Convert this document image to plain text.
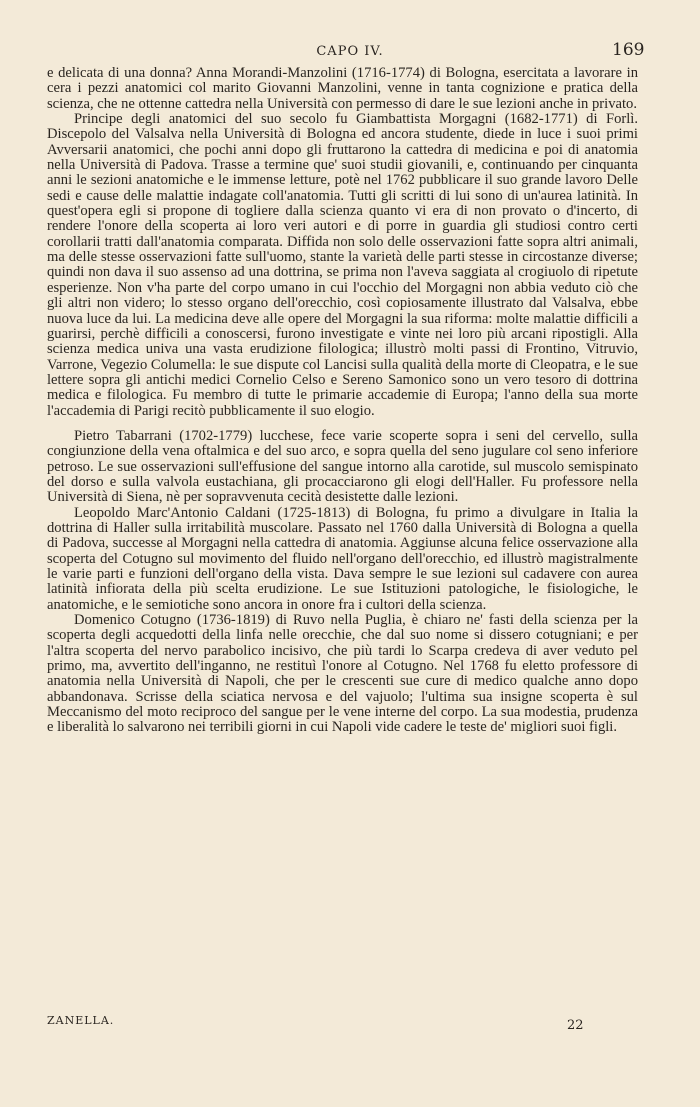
CAPO IV.	169

e delicata di una donna? Anna Morandi-Manzolini (1716-1774) di Bologna, esercitata a lavorare in cera i pezzi anatomici col marito Giovanni Manzolini, venne in tanta cognizione e pratica della scienza, che ne ottenne cattedra nella Università con permesso di dare le sue lezioni anche in privato.

Principe degli anatomici del suo secolo fu Giambattista Morgagni (1682-1771) di Forlì. Discepolo del Valsalva nella Università di Bologna ed ancora studente, diede in luce i suoi primi Avversarii anatomici, che pochi anni dopo gli fruttarono la cattedra di medicina e poi di anatomia nella Università di Padova. Trasse a termine que' suoi studii giovanili, e, continuando per cinquanta anni le sezioni anatomiche e le immense letture, potè nel 1762 pubblicare il suo grande lavoro Delle sedi e cause delle malattie indagate coll'anatomia. Tutti gli scritti di lui sono di un'aurea latinità. In quest'opera egli si propone di togliere dalla scienza quanto vi era di non provato o d'incerto, di rendere l'onore della scoperta ai loro veri autori e di porre in guardia gli studiosi contro certi corollarii tratti dall'anatomia comparata. Diffida non solo delle osservazioni fatte sopra altri animali, ma delle stesse osservazioni fatte sull'uomo, stante la varietà delle parti stesse in circostanze diverse; quindi non dava il suo assenso ad una dottrina, se prima non l'aveva saggiata al crogiuolo di ripetute esperienze. Non v'ha parte del corpo umano in cui l'occhio del Morgagni non abbia veduto ciò che gli altri non videro; lo stesso organo dell'orecchio, così copiosamente illustrato dal Valsalva, ebbe nuova luce da lui. La medicina deve alle opere del Morgagni la sua riforma: molte malattie difficili a guarirsi, perchè difficili a conoscersi, furono investigate e vinte nei loro più arcani ripostigli. Alla scienza medica univa una vasta erudizione filologica; illustrò molti passi di Frontino, Vitruvio, Varrone, Vegezio Columella: le sue dispute col Lancisi sulla qualità della morte di Cleopatra, e le sue lettere sopra gli antichi medici Cornelio Celso e Sereno Samonico sono un vero tesoro di dottrina medica e filologica. Fu membro di tutte le primarie accademie di Europa; l'anno della sua morte l'accademia di Parigi recitò pubblicamente il suo elogio.

Pietro Tabarrani (1702-1779) lucchese, fece varie scoperte sopra i seni del cervello, sulla congiunzione della vena oftalmica e del suo arco, e sopra quella del seno jugulare col seno inferiore petroso. Le sue osservazioni sull'effusione del sangue intorno alla carotide, sul muscolo semispinato del dorso e sulla valvola eustachiana, gli procacciarono gli elogi dell'Haller. Fu professore nella Università di Siena, nè per sopravvenuta cecità desistette dalle lezioni.

Leopoldo Marc'Antonio Caldani (1725-1813) di Bologna, fu primo a divulgare in Italia la dottrina di Haller sulla irritabilità muscolare. Passato nel 1760 dalla Università di Bologna a quella di Padova, successe al Morgagni nella cattedra di anatomia. Aggiunse alcuna felice osservazione alla scoperta del Cotugno sul movimento del fluido nell'organo dell'orecchio, ed illustrò magistralmente le varie parti e funzioni dell'organo della vista. Dava sempre le sue lezioni sul cadavere con aurea latinità infiorata della più scelta erudizione. Le sue Istituzioni patologiche, le fisiologiche, le anatomiche, e le semiotiche sono ancora in onore fra i cultori della scienza.

Domenico Cotugno (1736-1819) di Ruvo nella Puglia, è chiaro ne' fasti della scienza per la scoperta degli acquedotti della linfa nelle orecchie, che dal suo nome si dissero cotugniani; e per l'altra scoperta del nervo parabolico incisivo, che più tardi lo Scarpa credeva di aver veduto pel primo, ma, avvertito dell'inganno, ne restituì l'onore al Cotugno. Nel 1768 fu eletto professore di anatomia nella Università di Napoli, che per le crescenti sue cure di medico qualche anno dopo abbandonava. Scrisse della sciatica nervosa e del vajuolo; l'ultima sua insigne scoperta è sul Meccanismo del moto reciproco del sangue per le vene interne del corpo. La sua modestia, prudenza e liberalità lo salvarono nei terribili giorni in cui Napoli vide cadere le teste de' migliori suoi figli.

ZANELLA.	22
